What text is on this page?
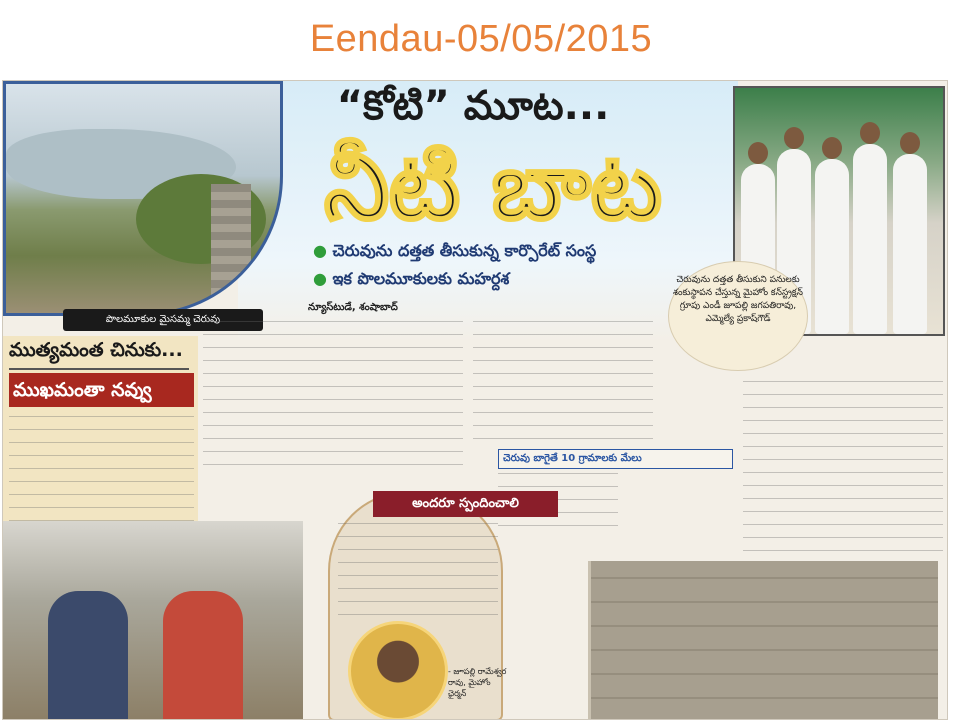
Eendau-05/05/2015
పొలమూకుల మైసమ్మ చెరువు
“కోటి” మూట...
నీటి బాట
● చెరువును దత్తత తీసుకున్న కార్పొరేట్ సంస్థ
● ఇక పొలమూకులకు మహర్దశ	చెరువును దత్తత తీసుకుని పనులకు శంకుస్థాపన చేస్తున్న మైహోం కన్‌స్ట్రక్షన్ గ్రూపు ఎండీ జూపల్లి జగపతిరావు, ఎమ్మెల్యే ప్రకాష్‌గౌడ్
న్యూస్‌టుడే, శంషాబాద్
ముత్యమంత చినుకు...
ముఖమంతా నవ్వు
చెరువు బాగైతే 10 గ్రామాలకు మేలు
అందరూ స్పందించాలి
- జూపల్లి రామేశ్వర రావు, మైహోం ఛైర్మన్
